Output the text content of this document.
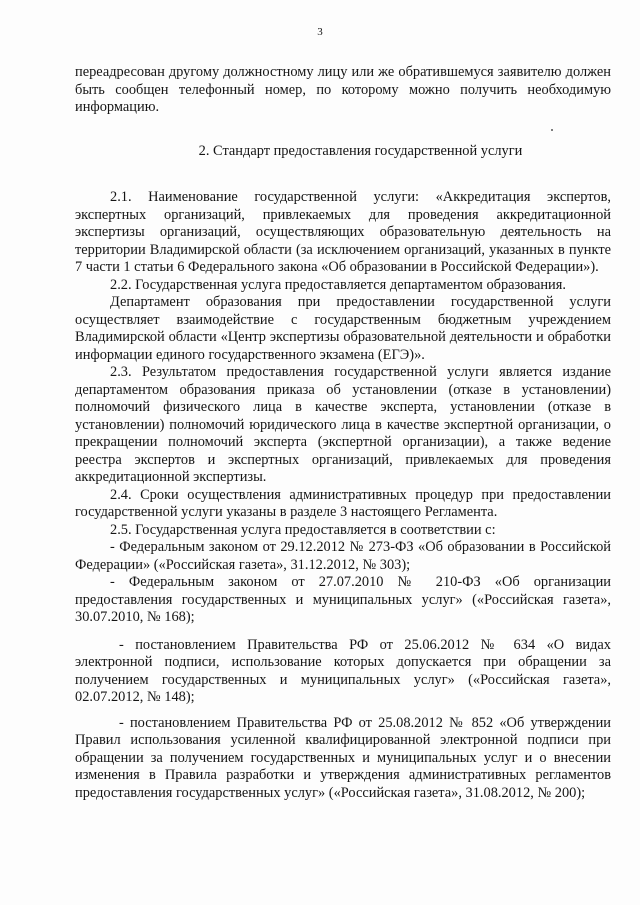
3

переадресован другому должностному лицу или же обратившемуся заявителю должен быть сообщен телефонный номер, по которому можно получить необходимую информацию.

2. Стандарт предоставления государственной услуги

2.1. Наименование государственной услуги: «Аккредитация экспертов, экспертных организаций, привлекаемых для проведения аккредитационной экспертизы организаций, осуществляющих образовательную деятельность на территории Владимирской области (за исключением организаций, указанных в пункте 7 части 1 статьи 6 Федерального закона «Об образовании в Российской Федерации»).

2.2. Государственная услуга предоставляется департаментом образования.

Департамент образования при предоставлении государственной услуги осуществляет взаимодействие с государственным бюджетным учреждением Владимирской области «Центр экспертизы образовательной деятельности и обработки информации единого государственного экзамена (ЕГЭ)».

2.3. Результатом предоставления государственной услуги является издание департаментом образования приказа об установлении (отказе в установлении) полномочий физического лица в качестве эксперта, установлении (отказе в установлении) полномочий юридического лица в качестве экспертной организации, о прекращении полномочий эксперта (экспертной организации), а также ведение реестра экспертов и экспертных организаций, привлекаемых для проведения аккредитационной экспертизы.

2.4. Сроки осуществления административных процедур при предоставлении государственной услуги указаны в разделе 3 настоящего Регламента.

2.5. Государственная услуга предоставляется в соответствии с:

- Федеральным законом от 29.12.2012 № 273-ФЗ «Об образовании в Российской Федерации» («Российская газета», 31.12.2012, № 303);

- Федеральным законом от 27.07.2010 № 210-ФЗ «Об организации предоставления государственных и муниципальных услуг» («Российская газета», 30.07.2010, № 168);

- постановлением Правительства РФ от 25.06.2012 № 634 «О видах электронной подписи, использование которых допускается при обращении за получением государственных и муниципальных услуг» («Российская газета», 02.07.2012, № 148);

- постановлением Правительства РФ от 25.08.2012 № 852 «Об утверждении Правил использования усиленной квалифицированной электронной подписи при обращении за получением государственных и муниципальных услуг и о внесении изменения в Правила разработки и утверждения административных регламентов предоставления государственных услуг» («Российская газета», 31.08.2012, № 200);
